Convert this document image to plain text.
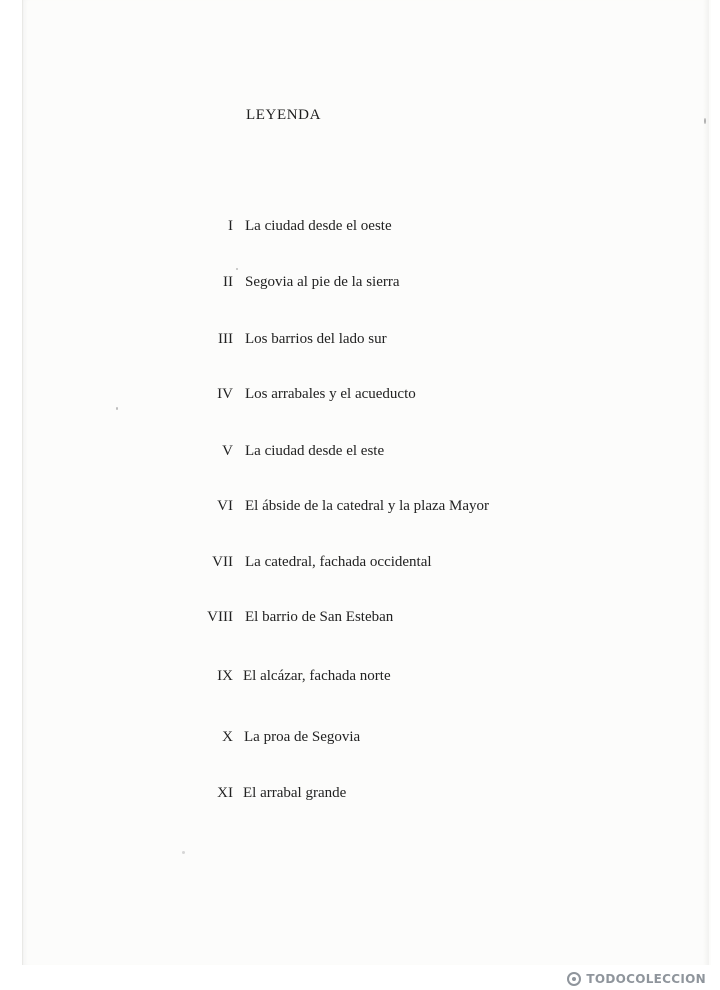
LEYENDA
I La ciudad desde el oeste
II Segovia al pie de la sierra
III Los barrios del lado sur
IV Los arrabales y el acueducto
V La ciudad desde el este
VI El ábside de la catedral y la plaza Mayor
VII La catedral, fachada occidental
VIII El barrio de San Esteban
IX El alcázar, fachada norte
X La proa de Segovia
XI El arrabal grande
TODOCOLECCION
